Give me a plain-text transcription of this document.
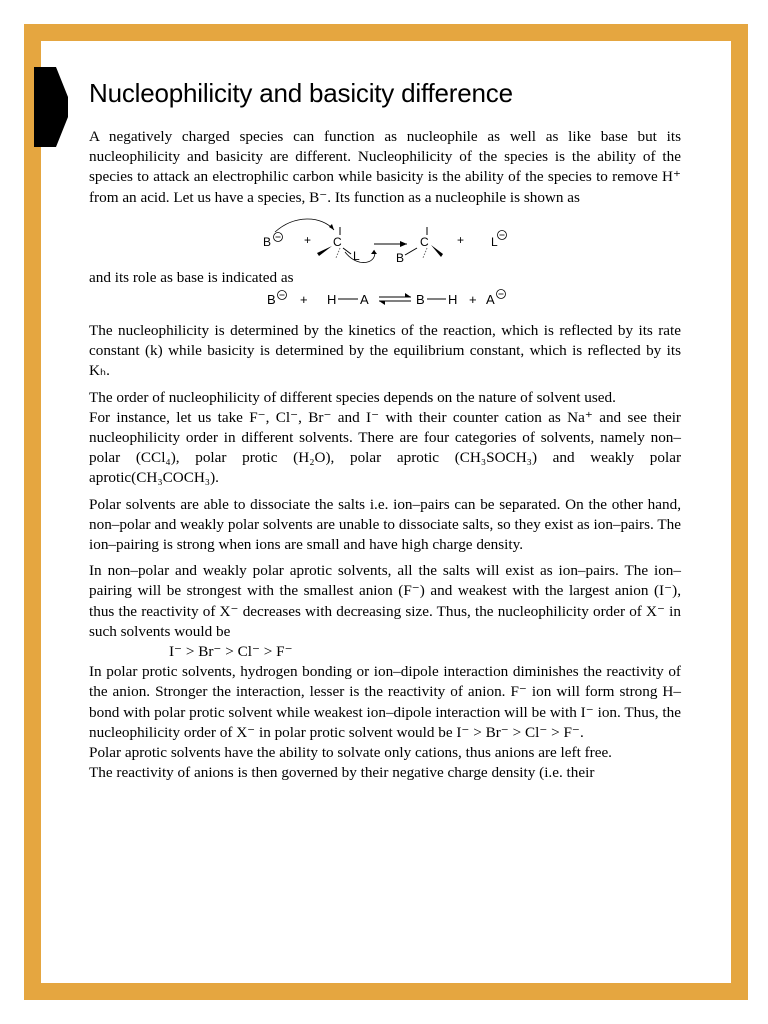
Nucleophilicity and basicity difference

A negatively charged species can function as nucleophile as well as like base but its nucleophilicity and basicity are different. Nucleophilicity of the species is the ability of the species to attack an electrophilic carbon while basicity is the ability of the species to remove H⁺ from an acid. Let us have a species, B⁻. Its function as a nucleophile is shown as

B	+ C
L	B
C + L

and its role as base is indicated as

B + H A	B H + A

The nucleophilicity is determined by the kinetics of the reaction, which is reflected by its rate constant (k) while basicity is determined by the equilibrium constant, which is reflected by its Kₕ.

The order of nucleophilicity of different species depends on the nature of solvent used.

For instance, let us take F⁻, Cl⁻, Br⁻ and I⁻ with their counter cation as Na⁺ and see their nucleophilicity order in different solvents. There are four categories of solvents, namely non–polar (CCl₄), polar protic (H₂O), polar aprotic (CH₃SOCH₃) and weakly polar aprotic(CH₃COCH₃).

Polar solvents are able to dissociate the salts i.e. ion–pairs can be separated. On the other hand, non–polar and weakly polar solvents are unable to dissociate salts, so they exist as ion–pairs. The ion–pairing is strong when ions are small and have high charge density.

In non–polar and weakly polar aprotic solvents, all the salts will exist as ion–pairs. The ion–pairing will be strongest with the smallest anion (F⁻) and weakest with the largest anion (I⁻), thus the reactivity of X⁻ decreases with decreasing size. Thus, the nucleophilicity order of X⁻ in such solvents would be

I⁻ > Br⁻ > Cl⁻ > F⁻

In polar protic solvents, hydrogen bonding or ion–dipole interaction diminishes the reactivity of the anion. Stronger the interaction, lesser is the reactivity of anion. F⁻ ion will form strong H–bond with polar protic solvent while weakest ion–dipole interaction will be with I⁻ ion. Thus, the nucleophilicity order of X⁻ in polar protic solvent would be I⁻ > Br⁻ > Cl⁻ > F⁻.

Polar aprotic solvents have the ability to solvate only cations, thus anions are left free.

The reactivity of anions is then governed by their negative charge density (i.e. their
